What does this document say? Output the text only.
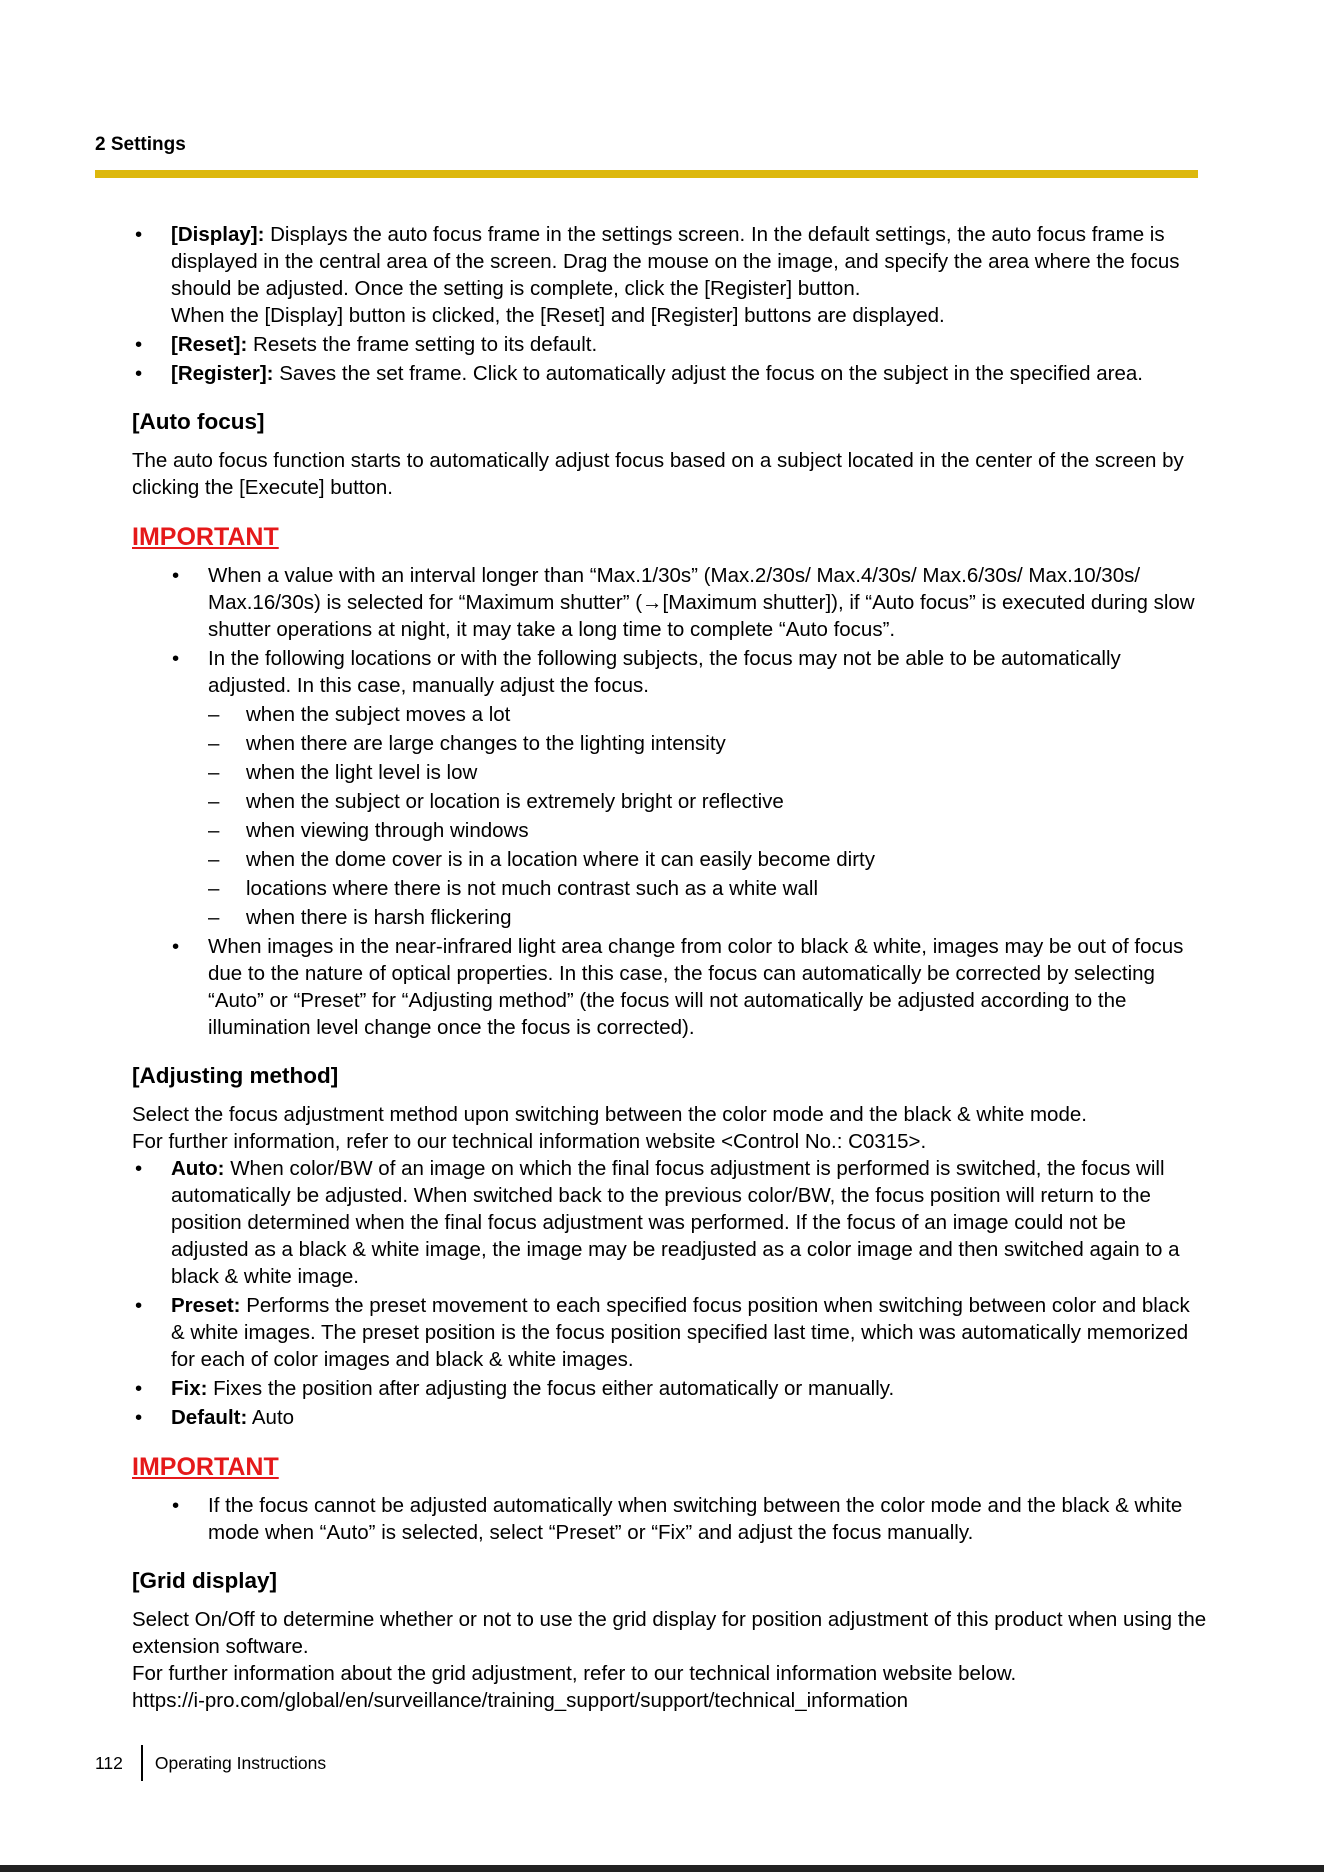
2 Settings
• [Display]: Displays the auto focus frame in the settings screen. In the default settings, the auto focus frame is displayed in the central area of the screen. Drag the mouse on the image, and specify the area where the focus should be adjusted. Once the setting is complete, click the [Register] button.
When the [Display] button is clicked, the [Reset] and [Register] buttons are displayed.
• [Reset]: Resets the frame setting to its default.
• [Register]: Saves the set frame. Click to automatically adjust the focus on the subject in the specified area.
[Auto focus]

The auto focus function starts to automatically adjust focus based on a subject located in the center of the screen by clicking the [Execute] button.

IMPORTANT
• When a value with an interval longer than “Max.1/30s” (Max.2/30s/ Max.4/30s/ Max.6/30s/ Max.10/30s/ Max.16/30s) is selected for “Maximum shutter” (→[Maximum shutter]), if “Auto focus” is executed during slow shutter operations at night, it may take a long time to complete “Auto focus”.
• In the following locations or with the following subjects, the focus may not be able to be automatically adjusted. In this case, manually adjust the focus.
– when the subject moves a lot
– when there are large changes to the lighting intensity
– when the light level is low
– when the subject or location is extremely bright or reflective
– when viewing through windows
– when the dome cover is in a location where it can easily become dirty
– locations where there is not much contrast such as a white wall
– when there is harsh flickering
• When images in the near-infrared light area change from color to black & white, images may be out of focus due to the nature of optical properties. In this case, the focus can automatically be corrected by selecting “Auto” or “Preset” for “Adjusting method” (the focus will not automatically be adjusted according to the illumination level change once the focus is corrected).
[Adjusting method]

Select the focus adjustment method upon switching between the color mode and the black & white mode.
For further information, refer to our technical information website <Control No.: C0315>.

• Auto: When color/BW of an image on which the final focus adjustment is performed is switched, the focus will automatically be adjusted. When switched back to the previous color/BW, the focus position will return to the position determined when the final focus adjustment was performed. If the focus of an image could not be adjusted as a black & white image, the image may be readjusted as a color image and then switched again to a black & white image.
• Preset: Performs the preset movement to each specified focus position when switching between color and black & white images. The preset position is the focus position specified last time, which was automatically memorized for each of color images and black & white images.
• Fix: Fixes the position after adjusting the focus either automatically or manually.
• Default: Auto
IMPORTANT
• If the focus cannot be adjusted automatically when switching between the color mode and the black & white mode when “Auto” is selected, select “Preset” or “Fix” and adjust the focus manually.
[Grid display]

Select On/Off to determine whether or not to use the grid display for position adjustment of this product when using the extension software.

For further information about the grid adjustment, refer to our technical information website below.

https://i-pro.com/global/en/surveillance/training_support/support/technical_information

112	Operating Instructions
